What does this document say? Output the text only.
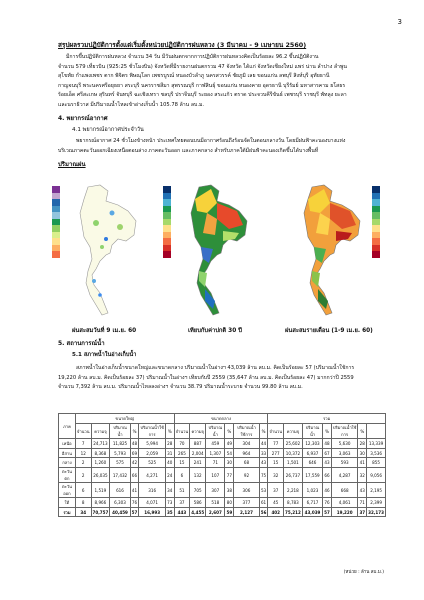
3
สรุปผลรวมปฏิบัติการตั้งแต่เริ่มตั้งหน่วยปฏิบัติการฝนหลวง (3 มีนาคม - 9 เมษายน 2560)
มีการขึ้นปฏิบัติการฝนหลวง จำนวน 34 วัน มีวันฝนตกจากการปฏิบัติการฝนหลวงคิดเป็นร้อยละ 96.2 ขึ้นปฏิบัติงาน
จำนวน 579 เที่ยวบิน (925:25 ชั่วโมงบิน) จังหวัดที่มีรายงานฝนตกรวม 47 จังหวัด ได้แก่ จังหวัดเชียงใหม่ แพร่ น่าน ลำปาง ลำพูน
สุโขทัย กำแพงเพชร ตาก พิจิตร พิษณุโลก เพชรบูรณ์ หนองบัวลำภู นครสวรรค์ ชัยภูมิ เลย ขอนแก่น ลพบุรี สิงห์บุรี อุทัยธานี
กาญจนบุรี พระนครศรีอยุธยา สระบุรี นครราชสีมา สุพรรณบุรี กาฬสินธุ์ ขอนแก่น หนองคาย อุดรธานี บุรีรัมย์ มหาสารคาม ยโสธร
ร้อยเอ็ด ศรีสะเกษ สุรินทร์ จันทบุรี ฉะเชิงเทรา ชลบุรี ปราจีนบุรี ระยอง สระแก้ว ตราด ประจวบคีรีขันธ์ เพชรบุรี ราชบุรี พัทลุง ยะลา
และนราธิวาส มีปริมาณน้ำไหลเข้าอ่างเก็บน้ำ 105.78 ล้าน ลบ.ม.
4. พยากรณ์อากาศ
4.1 พยากรณ์อากาศประจำวัน
พยากรณ์อากาศ 24 ชั่วโมงข้างหน้า ประเทศไทยตอนบนมีอากาศร้อนถึงร้อนจัดในตอนกลางวัน โดยมีฝนฟ้าคะนองบางแห่ง
บริเวณภาคตะวันออกเฉียงเหนือตอนล่าง ภาคตะวันออก และภาคกลาง สำหรับภาคใต้มีฝนฟ้าคะนองเกิดขึ้นได้บางพื้นที่
ปริมาณฝน
ฝนสะสมวันที่ 9 เม.ย. 60	เทียบกับค่าปกติ 30 ปี	ฝนสะสมรายเดือน (1-9 เม.ย. 60)
5. สถานการณ์น้ำ
5.1 สภาพน้ำในอ่างเก็บน้ำ
สภาพน้ำในอ่างเก็บน้ำขนาดใหญ่และขนาดกลาง ปริมาณน้ำในอ่างฯ 43,039 ล้าน ลบ.ม. คิดเป็นร้อยละ 57 (ปริมาณน้ำใช้การ
19,220 ล้าน ลบ.ม. คิดเป็นร้อยละ 37) ปริมาณน้ำในอ่างฯ เทียบกับปี 2559 (35,647 ล้าน ลบ.ม. คิดเป็นร้อยละ 47) มากกว่าปี 2559
จำนวน 7,392 ล้าน ลบ.ม. ปริมาณน้ำไหลลงอ่างฯ จำนวน 38.79 ปริมาณน้ำระบาย จำนวน 99.80 ล้าน ลบ.ม.
ภาค	ขนาดใหญ่						ขนาดกลาง						รวม						
	จำนวน	ความจุ	ปริมาณน้ำ	%	ปริมาณน้ำใช้การ	%	จำนวน	ความจุ	ปริมาณน้ำ	%	ปริมาณน้ำใช้การ	%	จำนวน	ความจุ	ปริมาณน้ำ	%	ปริมาณน้ำใช้การ	%	
เหนือ	7	24,713	11,825	48	5,994	28	70	887	459	49	304	44	77	25,602	12,303	48	5,630	28	13,339
อีสาน	12	8,368	5,793	69	2,059	31	265	2,004	1,307	54	964	33	277	10,372	6,937	67	3,063	30	3,536
กลาง	2	1,260	575	42	525	40	15	241	71	30	68	43	15	1,501	646	43	593	41	855
ตะวันตก	2	26,035	17,432	66	4,271	24	6	132	107	77	92	75	32	26,737	17,559	66	4,287	32	9,056
ตะวันออก	6	1,519	616	41	316	34	51	705	307	38	306	53	37	2,218	1,023	46	668	43	2,195
ใต้	8	8,966	6,303	76	4,071	73	37	586	518	80	377	61	45	8,783	6,717	76	4,061	71	2,399
รวม	34	70,757	40,459	57	16,993	35	443	4,455	2,607	59	2,127	56	402	75,212	43,039	57	19,220	37	32,173
(หน่วย : ล้าน ลบ.ม.)
